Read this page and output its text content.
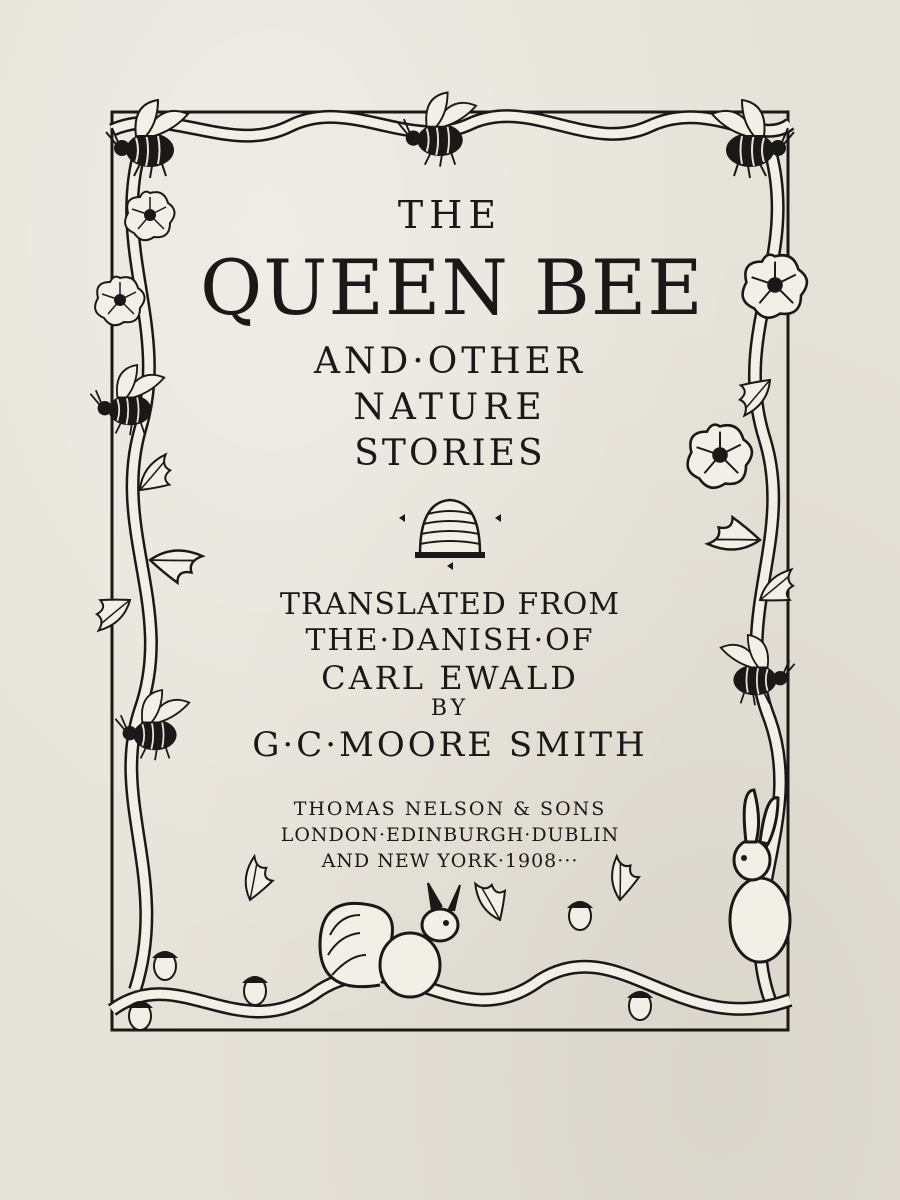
THE
QUEEN BEE
AND·OTHER
NATURE
STORIES
TRANSLATED FROM
THE·DANISH·OF
CARL EWALD
BY
G·C·MOORE SMITH
THOMAS NELSON & SONS
LONDON·EDINBURGH·DUBLIN
AND NEW YORK·1908···
